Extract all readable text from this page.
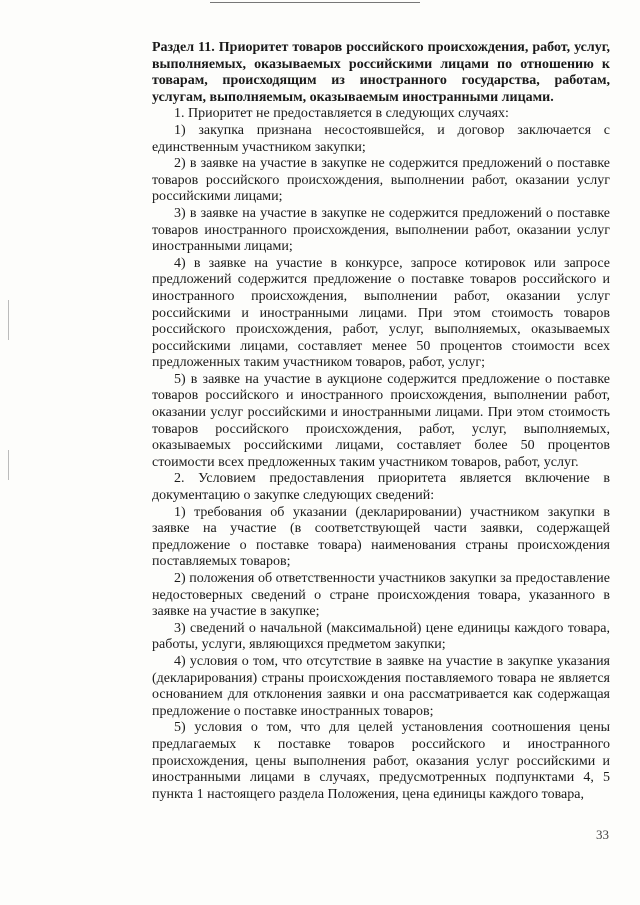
Раздел 11. Приоритет товаров российского происхождения, работ, услуг, выполняемых, оказываемых российскими лицами по отношению к товарам, происходящим из иностранного государства, работам, услугам, выполняемым, оказываемым иностранными лицами.

1. Приоритет не предоставляется в следующих случаях:

1) закупка признана несостоявшейся, и договор заключается с единственным участником закупки;

2) в заявке на участие в закупке не содержится предложений о поставке товаров российского происхождения, выполнении работ, оказании услуг российскими лицами;

3) в заявке на участие в закупке не содержится предложений о поставке товаров иностранного происхождения, выполнении работ, оказании услуг иностранными лицами;

4) в заявке на участие в конкурсе, запросе котировок или запросе предложений содержится предложение о поставке товаров российского и иностранного происхождения, выполнении работ, оказании услуг российскими и иностранными лицами. При этом стоимость товаров российского происхождения, работ, услуг, выполняемых, оказываемых российскими лицами, составляет менее 50 процентов стоимости всех предложенных таким участником товаров, работ, услуг;

5) в заявке на участие в аукционе содержится предложение о поставке товаров российского и иностранного происхождения, выполнении работ, оказании услуг российскими и иностранными лицами. При этом стоимость товаров российского происхождения, работ, услуг, выполняемых, оказываемых российскими лицами, составляет более 50 процентов стоимости всех предложенных таким участником товаров, работ, услуг.

2. Условием предоставления приоритета является включение в документацию о закупке следующих сведений:

1) требования об указании (декларировании) участником закупки в заявке на участие (в соответствующей части заявки, содержащей предложение о поставке товара) наименования страны происхождения поставляемых товаров;

2) положения об ответственности участников закупки за предоставление недостоверных сведений о стране происхождения товара, указанного в заявке на участие в закупке;

3) сведений о начальной (максимальной) цене единицы каждого товара, работы, услуги, являющихся предметом закупки;

4) условия о том, что отсутствие в заявке на участие в закупке указания (декларирования) страны происхождения поставляемого товара не является основанием для отклонения заявки и она рассматривается как содержащая предложение о поставке иностранных товаров;

5) условия о том, что для целей установления соотношения цены предлагаемых к поставке товаров российского и иностранного происхождения, цены выполнения работ, оказания услуг российскими и иностранными лицами в случаях, предусмотренных подпунктами 4, 5 пункта 1 настоящего раздела Положения, цена единицы каждого товара,

33
